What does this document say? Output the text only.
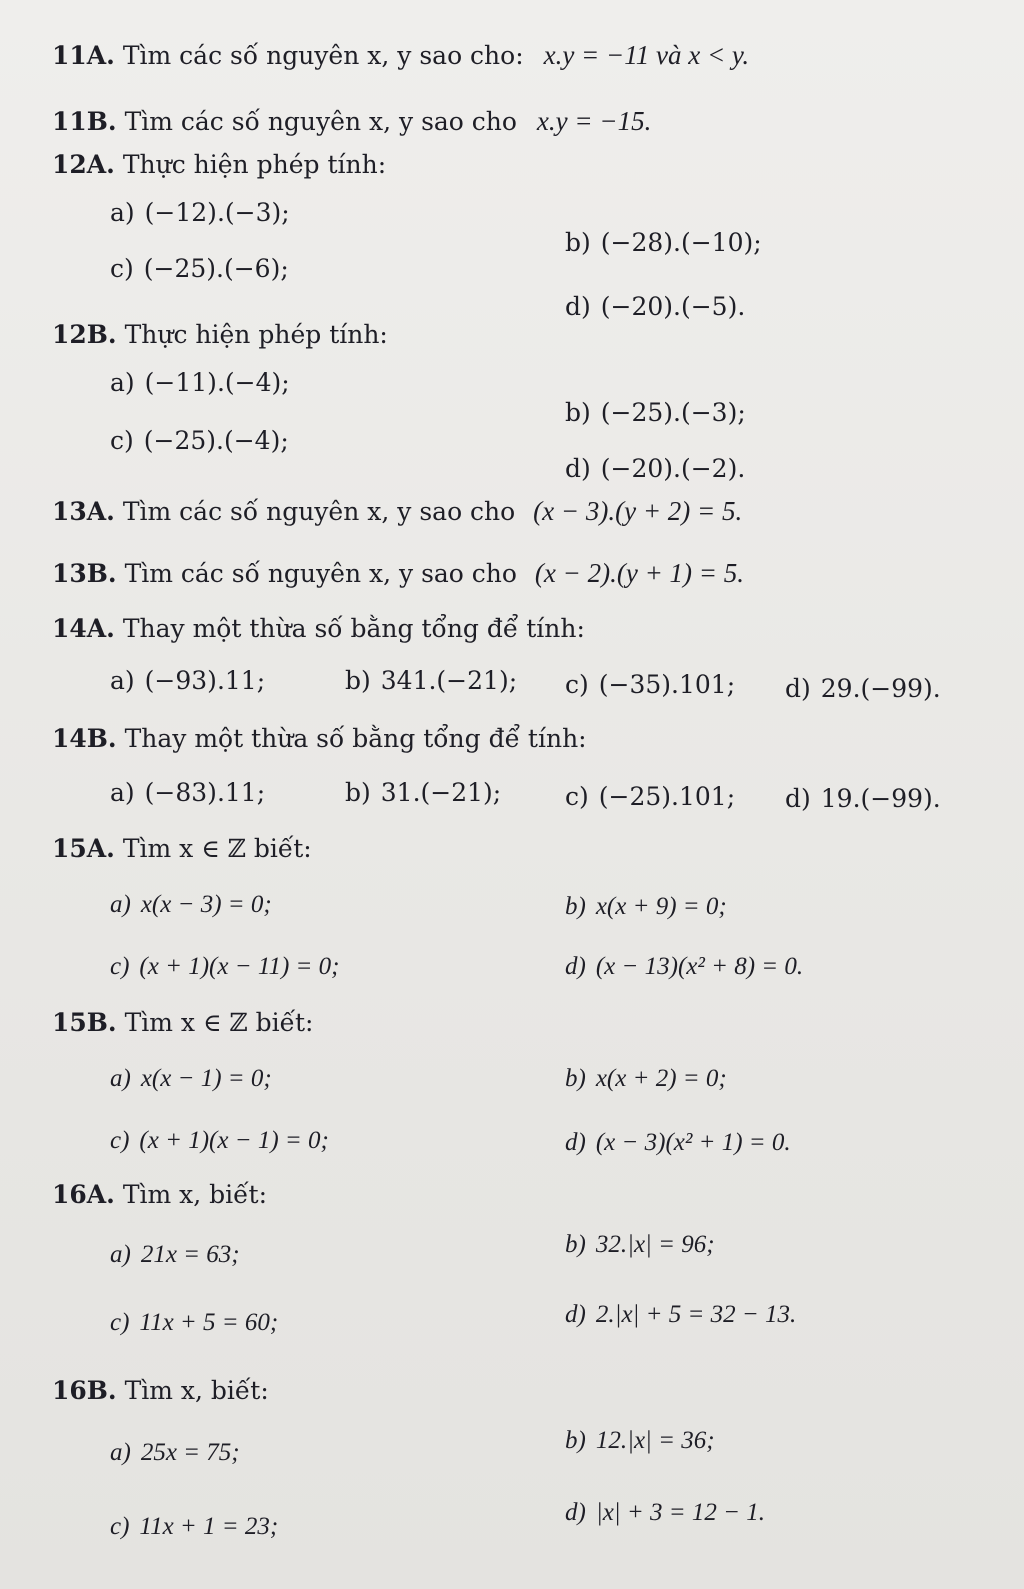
11A. Tìm các số nguyên x, y sao cho: x.y = −11 và x < y.
11B. Tìm các số nguyên x, y sao cho x.y = −15.
12A. Thực hiện phép tính:
a) (−12).(−3);
b) (−28).(−10);
c) (−25).(−6);
d) (−20).(−5).
12B. Thực hiện phép tính:
a) (−11).(−4);
b) (−25).(−3);
c) (−25).(−4);
d) (−20).(−2).
13A. Tìm các số nguyên x, y sao cho (x − 3).(y + 2) = 5.
13B. Tìm các số nguyên x, y sao cho (x − 2).(y + 1) = 5.
14A. Thay một thừa số bằng tổng để tính:
a) (−93).11;	b) 341.(−21); c) (−35).101; d) 29.(−99).
14B. Thay một thừa số bằng tổng để tính:
a) (−83).11;	b) 31.(−21);	c) (−25).101; d) 19.(−99).
15A. Tìm x ∈ ℤ biết:
a) x(x − 3) = 0;	b) x(x + 9) = 0;
c) (x + 1)(x − 11) = 0;	d) (x − 13)(x² + 8) = 0.
15B. Tìm x ∈ ℤ biết:
a) x(x − 1) = 0;	b) x(x + 2) = 0;
c) (x + 1)(x − 1) = 0;	d) (x − 3)(x² + 1) = 0.
16A. Tìm x, biết:
a) 21x = 63;	b) 32.|x| = 96;
c) 11x + 5 = 60;	d) 2.|x| + 5 = 32 − 13.
16B. Tìm x, biết:
a) 25x = 75;	b) 12.|x| = 36;
c) 11x + 1 = 23;
d) |x| + 3 = 12 − 1.
